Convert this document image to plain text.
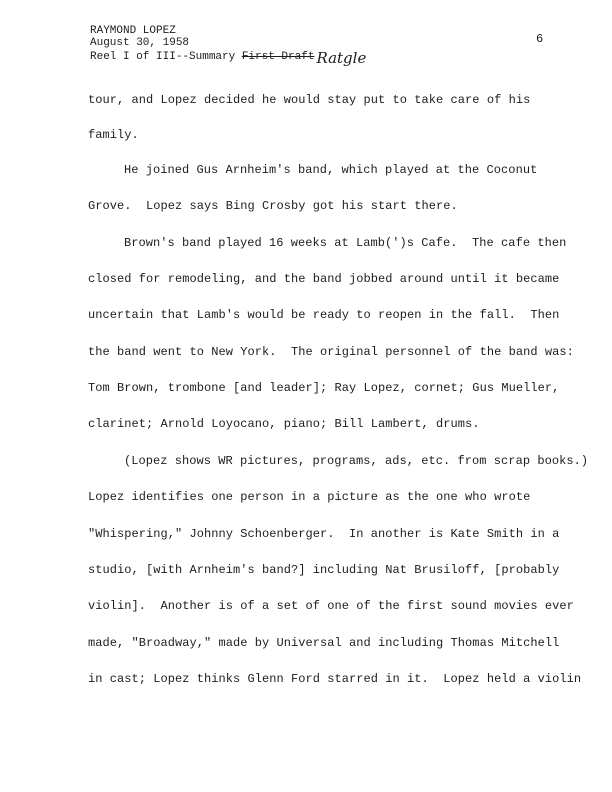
RAYMOND LOPEZ
August 30, 1958
Reel I of III--Summary First Draft Ratgle
6
tour, and Lopez decided he would stay put to take care of his
family.
He joined Gus Arnheim's band, which played at the Coconut
Grove.  Lopez says Bing Crosby got his start there.
Brown's band played 16 weeks at Lamb(')s Cafe.  The cafe then
closed for remodeling, and the band jobbed around until it became
uncertain that Lamb's would be ready to reopen in the fall.  Then
the band went to New York.  The original personnel of the band was:
Tom Brown, trombone [and leader]; Ray Lopez, cornet; Gus Mueller,
clarinet; Arnold Loyocano, piano; Bill Lambert, drums.
(Lopez shows WR pictures, programs, ads, etc. from scrap books.)
Lopez identifies one person in a picture as the one who wrote
"Whispering," Johnny Schoenberger.  In another is Kate Smith in a
studio, [with Arnheim's band?] including Nat Brusiloff, [probably
violin].  Another is of a set of one of the first sound movies ever
made, "Broadway," made by Universal and including Thomas Mitchell
in cast; Lopez thinks Glenn Ford starred in it.  Lopez held a violin
